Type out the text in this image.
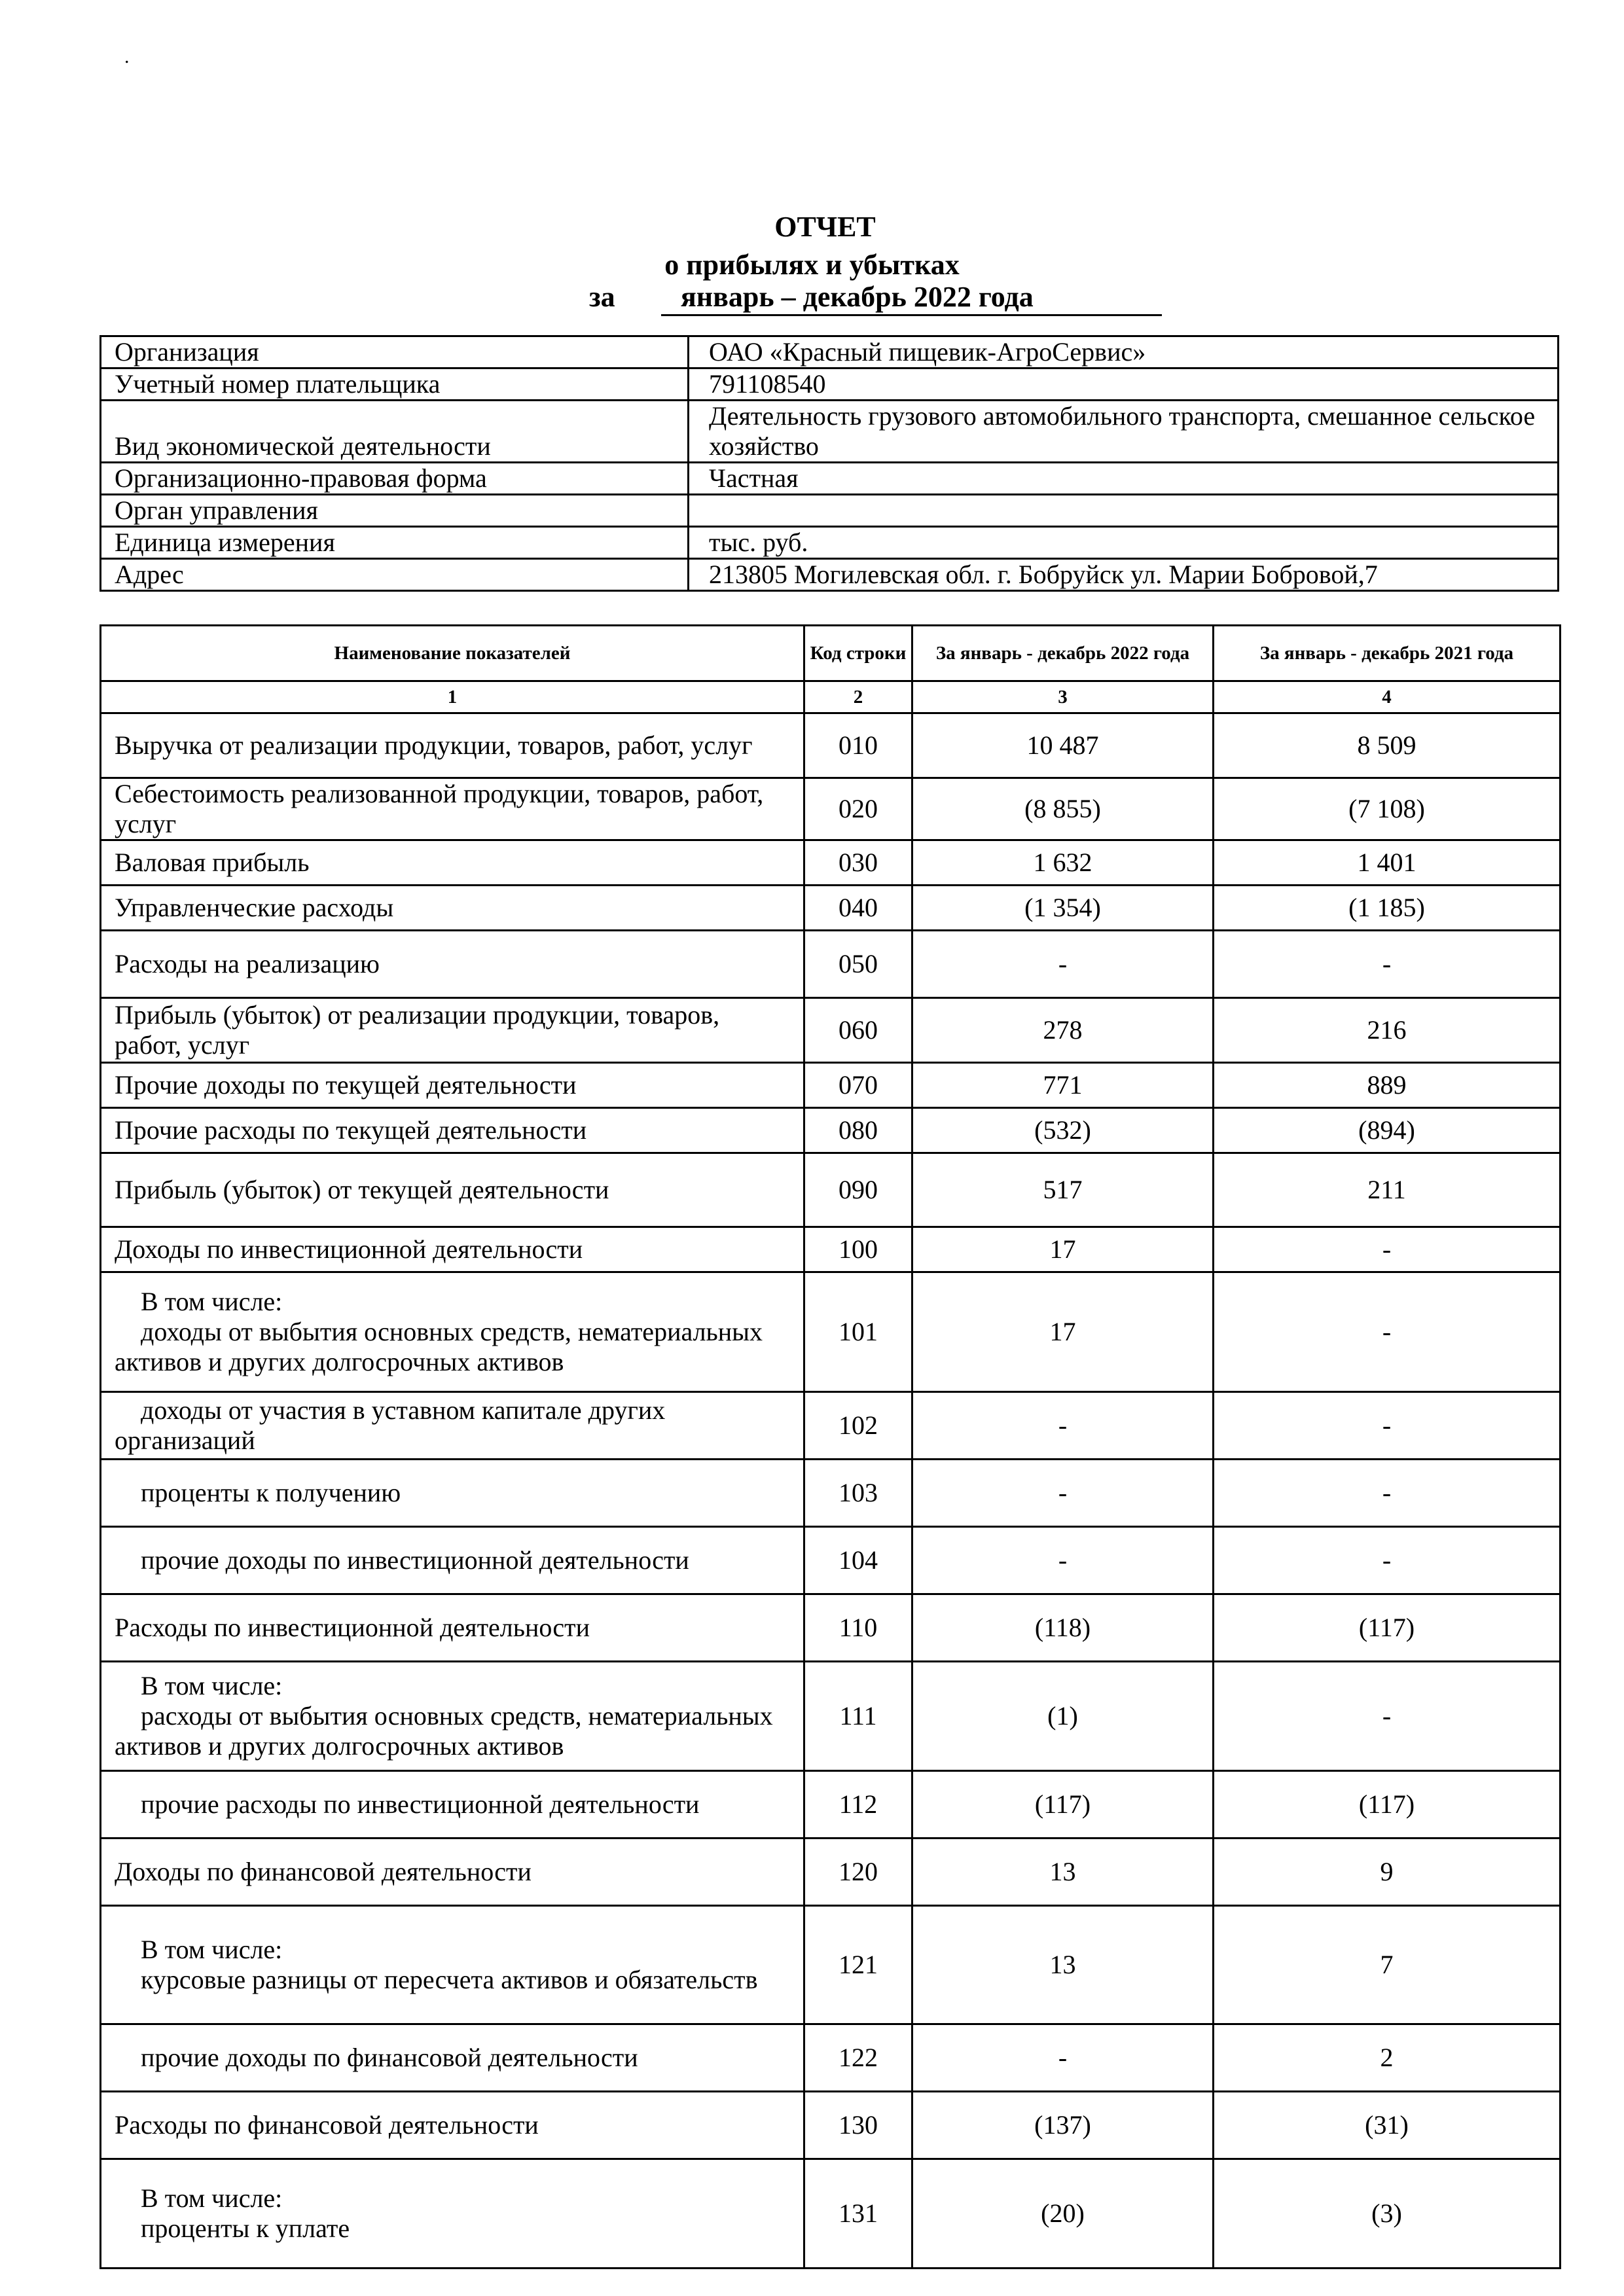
.
ОТЧЕТ
о прибылях и убытках
за	январь – декабрь 2022 года
Организация	ОАО «Красный пищевик-АгроСервис»
Учетный номер плательщика	791108540
Вид экономической деятельности	Деятельность грузового автомобильного транспорта, смешанное сельское хозяйство
Организационно-правовая форма	Частная
Орган управления	
Единица измерения	тыс. руб.
Адрес	213805 Могилевская обл. г. Бобруйск ул. Марии Бобровой,7
Наименование показателей	Код строки	За январь - декабрь 2022 года	За январь - декабрь 2021 года
1	2	3	4
Выручка от реализации продукции, товаров, работ, услуг	010	10 487	8 509
Себестоимость реализованной продукции, товаров, работ, услуг	020	(8 855)	(7 108)
Валовая прибыль	030	1 632	1 401
Управленческие расходы	040	(1 354)	(1 185)
Расходы на реализацию	050	-	-
Прибыль (убыток) от реализации продукции, товаров, работ, услуг	060	278	216
Прочие доходы по текущей деятельности	070	771	889
Прочие расходы по текущей деятельности	080	(532)	(894)
Прибыль (убыток) от текущей деятельности	090	517	211
Доходы по инвестиционной деятельности	100	17	-

В том числе:
доходы от выбытия основных средств, нематериальных активов и других долгосрочных активов	101	17	-

доходы от участия в уставном капитале других организаций	102	-	-

проценты к получению	103	-	-

прочие доходы по инвестиционной деятельности	104	-	-
Расходы по инвестиционной деятельности	110	(118)	(117)

В том числе:
расходы от выбытия основных средств, нематериальных активов и других долгосрочных активов	111	(1)	-

прочие расходы по инвестиционной деятельности	112	(117)	(117)
Доходы по финансовой деятельности	120	13	9

В том числе:
курсовые разницы от пересчета активов и обязательств	121	13	7

прочие доходы по финансовой деятельности	122	-	2
Расходы по финансовой деятельности	130	(137)	(31)

В том числе:
проценты к уплате	131	(20)	(3)
